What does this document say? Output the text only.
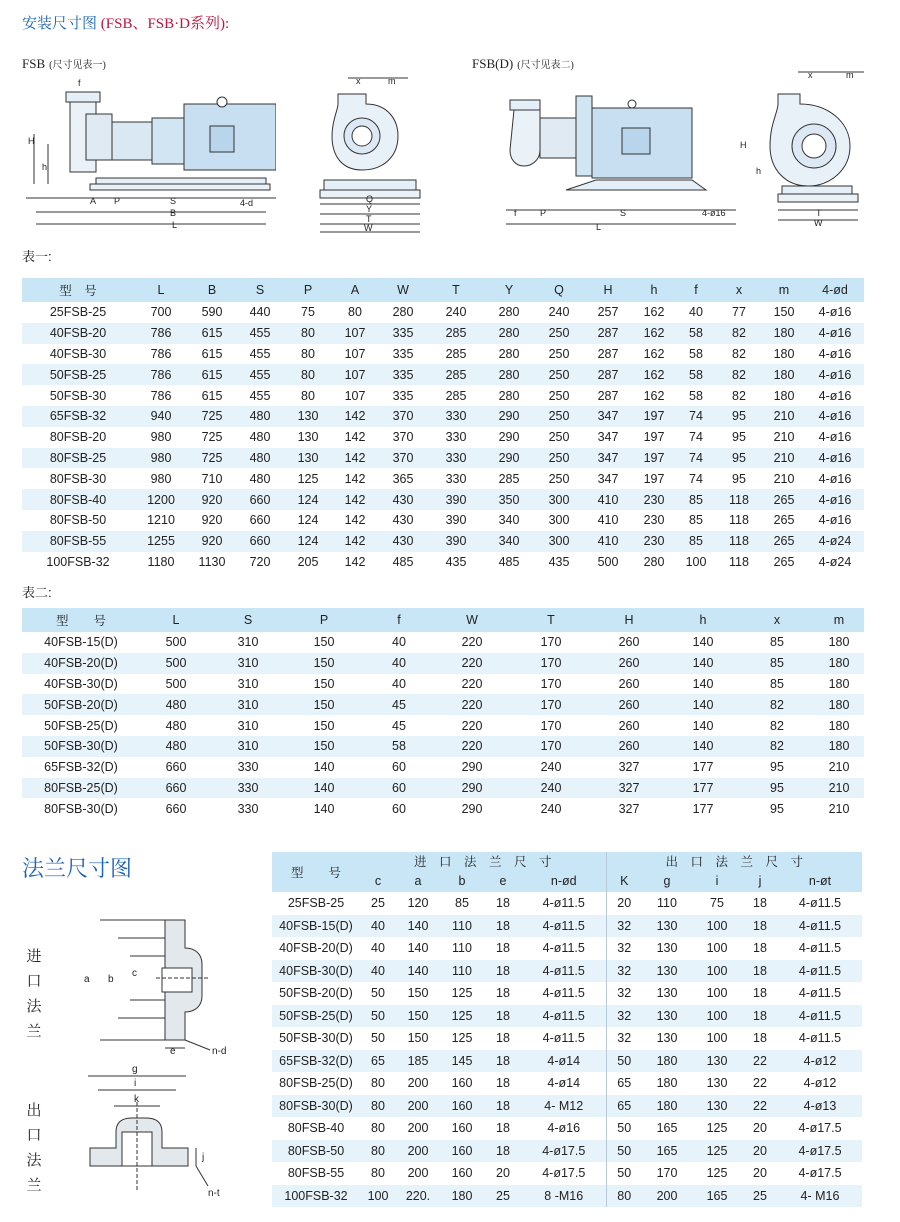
安装尺寸图 (FSB、FSB·D系列):
FSB (尺寸见表一)	FSB(D) (尺寸见表二)
f
H
h
A P	S
B
L
4-d
x	m
Q
Y
T
W
f	P	S
L
4-ø16
x	m
H
h
T
W
表一:
型　号	L	B	S	P	A	W	T	Y	Q	H	h	f	x	m	4-ød
25FSB-25	700	590	440	75	80	280	240	280	240	257	162	40	77	150	4-ø16
40FSB-20	786	615	455	80	107	335	285	280	250	287	162	58	82	180	4-ø16
40FSB-30	786	615	455	80	107	335	285	280	250	287	162	58	82	180	4-ø16
50FSB-25	786	615	455	80	107	335	285	280	250	287	162	58	82	180	4-ø16
50FSB-30	786	615	455	80	107	335	285	280	250	287	162	58	82	180	4-ø16
65FSB-32	940	725	480	130	142	370	330	290	250	347	197	74	95	210	4-ø16
80FSB-20	980	725	480	130	142	370	330	290	250	347	197	74	95	210	4-ø16
80FSB-25	980	725	480	130	142	370	330	290	250	347	197	74	95	210	4-ø16
80FSB-30	980	710	480	125	142	365	330	285	250	347	197	74	95	210	4-ø16
80FSB-40	1200	920	660	124	142	430	390	350	300	410	230	85	118	265	4-ø16
80FSB-50	1210	920	660	124	142	430	390	340	300	410	230	85	118	265	4-ø16
80FSB-55	1255	920	660	124	142	430	390	340	300	410	230	85	118	265	4-ø24
100FSB-32	1180	1130	720	205	142	485	435	485	435	500	280	100	118	265	4-ø24
表二:
型　　号	L	S	P	f	W	T	H	h	x	m
40FSB-15(D)	500	310	150	40	220	170	260	140	85	180
40FSB-20(D)	500	310	150	40	220	170	260	140	85	180
40FSB-30(D)	500	310	150	40	220	170	260	140	85	180
50FSB-20(D)	480	310	150	45	220	170	260	140	82	180
50FSB-25(D)	480	310	150	45	220	170	260	140	82	180
50FSB-30(D)	480	310	150	58	220	170	260	140	82	180
65FSB-32(D)	660	330	140	60	290	240	327	177	95	210
80FSB-25(D)	660	330	140	60	290	240	327	177	95	210
80FSB-30(D)	660	330	140	60	290	240	327	177	95	210
法兰尺寸图
进
口
法
兰
出
口
法
兰
a b
c
e	n-d
g
i
k
j
n-t
型　　号	进　口　法　兰　尺　寸					出　口　法　兰　尺　寸				
	c	a	b	e	n-ød	K	g	i	j	n-øt
25FSB-25	25	120	85	18	4-ø11.5	20	110	75	18	4-ø11.5
40FSB-15(D)	40	140	110	18	4-ø11.5	32	130	100	18	4-ø11.5
40FSB-20(D)	40	140	110	18	4-ø11.5	32	130	100	18	4-ø11.5
40FSB-30(D)	40	140	110	18	4-ø11.5	32	130	100	18	4-ø11.5
50FSB-20(D)	50	150	125	18	4-ø11.5	32	130	100	18	4-ø11.5
50FSB-25(D)	50	150	125	18	4-ø11.5	32	130	100	18	4-ø11.5
50FSB-30(D)	50	150	125	18	4-ø11.5	32	130	100	18	4-ø11.5
65FSB-32(D)	65	185	145	18	4-ø14	50	180	130	22	4-ø12
80FSB-25(D)	80	200	160	18	4-ø14	65	180	130	22	4-ø12
80FSB-30(D)	80	200	160	18	4- M12	65	180	130	22	4-ø13
80FSB-40	80	200	160	18	4-ø16	50	165	125	20	4-ø17.5
80FSB-50	80	200	160	18	4-ø17.5	50	165	125	20	4-ø17.5
80FSB-55	80	200	160	20	4-ø17.5	50	170	125	20	4-ø17.5
100FSB-32	100	220.	180	25	8 -M16	80	200	165	25	4- M16
